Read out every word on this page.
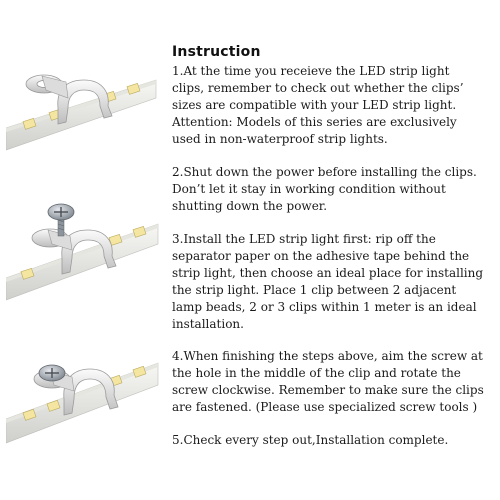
Instruction
1.At the time you receieve the LED strip light
clips, remember to check out whether the clips’
sizes are compatible with your LED strip light.
Attention: Models of this series are exclusively
used in non-waterproof strip lights.
2.Shut down the power before installing the clips.
Don’t let it stay in working condition without
shutting down the power.
3.Install the LED strip light first: rip off the
separator paper on the adhesive tape behind the
strip light, then choose an ideal place for installing
the strip light. Place 1 clip between 2 adjacent
lamp beads, 2 or 3 clips within 1 meter is an ideal
installation.
4.When finishing the steps above, aim the screw at
the hole in the middle of the clip and rotate the
screw clockwise. Remember to make sure the clips
are fastened. (Please use specialized screw tools )
5.Check every step out,Installation complete.
